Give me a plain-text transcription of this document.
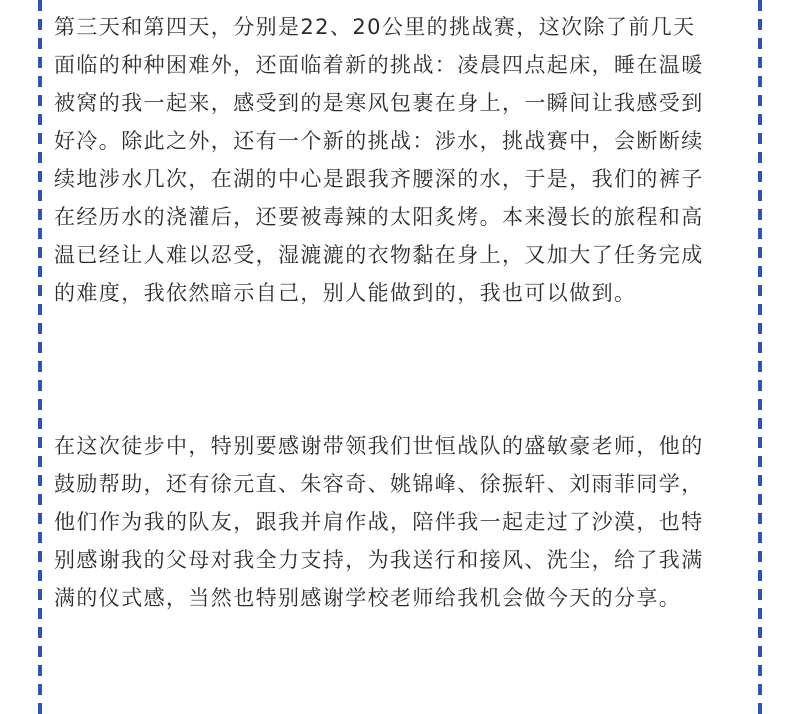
第三天和第四天，分别是22、20公里的挑战赛，这次除了前几天
面临的种种困难外，还面临着新的挑战：凌晨四点起床，睡在温暖
被窝的我一起来，感受到的是寒风包裹在身上，一瞬间让我感受到
好冷。除此之外，还有一个新的挑战：涉水，挑战赛中，会断断续
续地涉水几次，在湖的中心是跟我齐腰深的水，于是，我们的裤子
在经历水的浇灌后，还要被毒辣的太阳炙烤。本来漫长的旅程和高
温已经让人难以忍受，湿漉漉的衣物黏在身上，又加大了任务完成
的难度，我依然暗示自己，别人能做到的，我也可以做到。
在这次徒步中，特别要感谢带领我们世恒战队的盛敏豪老师，他的
鼓励帮助，还有徐元直、朱容奇、姚锦峰、徐振轩、刘雨菲同学，
他们作为我的队友，跟我并肩作战，陪伴我一起走过了沙漠，也特
别感谢我的父母对我全力支持，为我送行和接风、洗尘，给了我满
满的仪式感，当然也特别感谢学校老师给我机会做今天的分享。
